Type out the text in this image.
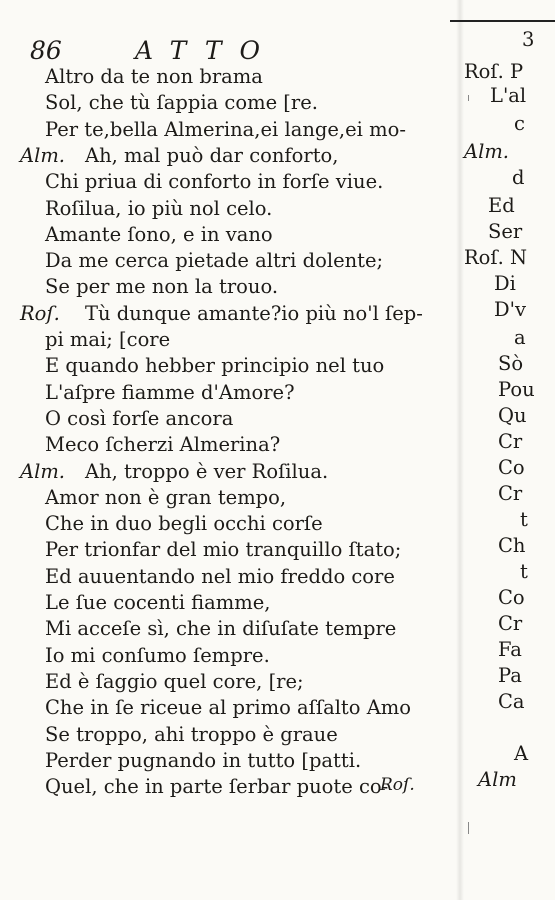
86	ATTO
Altro da te non brama
Sol, che tù ſappia come [re.
Per te,bella Almerina,ei lange,ei mo-
Alm. Ah, mal può dar conforto,
Chi priua di conforto in forſe viue.
Roſilua, io più nol celo.
Amante ſono, e in vano
Da me cerca pietade altri dolente;
Se per me non la trouo.
Roſ. Tù dunque amante?io più no'l ſep-
pi mai; [core
E quando hebber principio nel tuo
L'aſpre fiamme d'Amore?
O così forſe ancora
Meco ſcherzi Almerina?
Alm. Ah, troppo è ver Roſilua.
Amor non è gran tempo,
Che in duo begli occhi corſe
Per trionfar del mio tranquillo ſtato;
Ed auuentando nel mio freddo core
Le ſue cocenti fiamme,
Mi acceſe sì, che in diſuſate tempre
Io mi conſumo ſempre.
Ed è ſaggio quel core, [re;
Che in ſe riceue al primo aſſalto Amo
Se troppo, ahi troppo è graue
Perder pugnando in tutto [patti.
Quel, che in parte ſerbar puote co-
Roſ.
3
Roſ. P
L'al
c
Alm.
d
Ed
Ser
Roſ. N
Di
D'v
a
Sò
Pou
Qu
Cr
Co
Cr
t
Ch
t
Co
Cr
Fa
Pa
Ca
A
Alm
